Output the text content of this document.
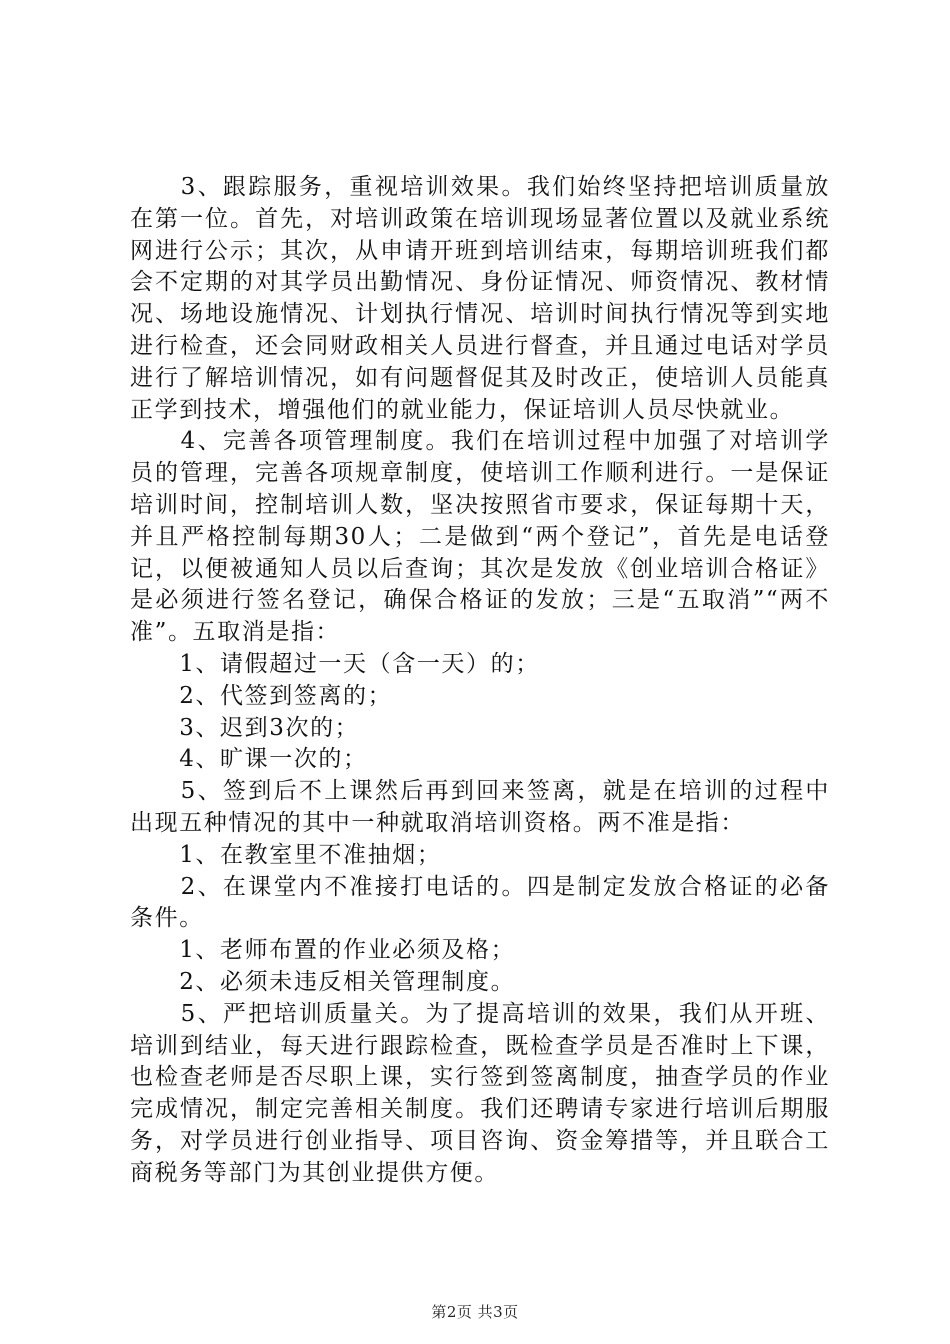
　　3、跟踪服务，重视培训效果。我们始终坚持把培训质量放在第一位。首先，对培训政策在培训现场显著位置以及就业系统网进行公示；其次，从申请开班到培训结束，每期培训班我们都会不定期的对其学员出勤情况、身份证情况、师资情况、教材情况、场地设施情况、计划执行情况、培训时间执行情况等到实地进行检查，还会同财政相关人员进行督查，并且通过电话对学员进行了解培训情况，如有问题督促其及时改正，使培训人员能真正学到技术，增强他们的就业能力，保证培训人员尽快就业。

　　4、完善各项管理制度。我们在培训过程中加强了对培训学员的管理，完善各项规章制度，使培训工作顺利进行。一是保证培训时间，控制培训人数，坚决按照省市要求，保证每期十天，并且严格控制每期30人；二是做到“两个登记”，首先是电话登记，以便被通知人员以后查询；其次是发放《创业培训合格证》是必须进行签名登记，确保合格证的发放；三是“五取消”“两不准”。五取消是指：

　　1、请假超过一天（含一天）的；

　　2、代签到签离的；

　　3、迟到3次的；

　　4、旷课一次的；

　　5、签到后不上课然后再到回来签离，就是在培训的过程中出现五种情况的其中一种就取消培训资格。两不准是指：

　　1、在教室里不准抽烟；

　　2、在课堂内不准接打电话的。四是制定发放合格证的必备条件。

　　1、老师布置的作业必须及格；

　　2、必须未违反相关管理制度。

　　5、严把培训质量关。为了提高培训的效果，我们从开班、培训到结业，每天进行跟踪检查，既检查学员是否准时上下课，也检查老师是否尽职上课，实行签到签离制度，抽查学员的作业完成情况，制定完善相关制度。我们还聘请专家进行培训后期服务，对学员进行创业指导、项目咨询、资金筹措等，并且联合工商税务等部门为其创业提供方便。

第2页 共3页
